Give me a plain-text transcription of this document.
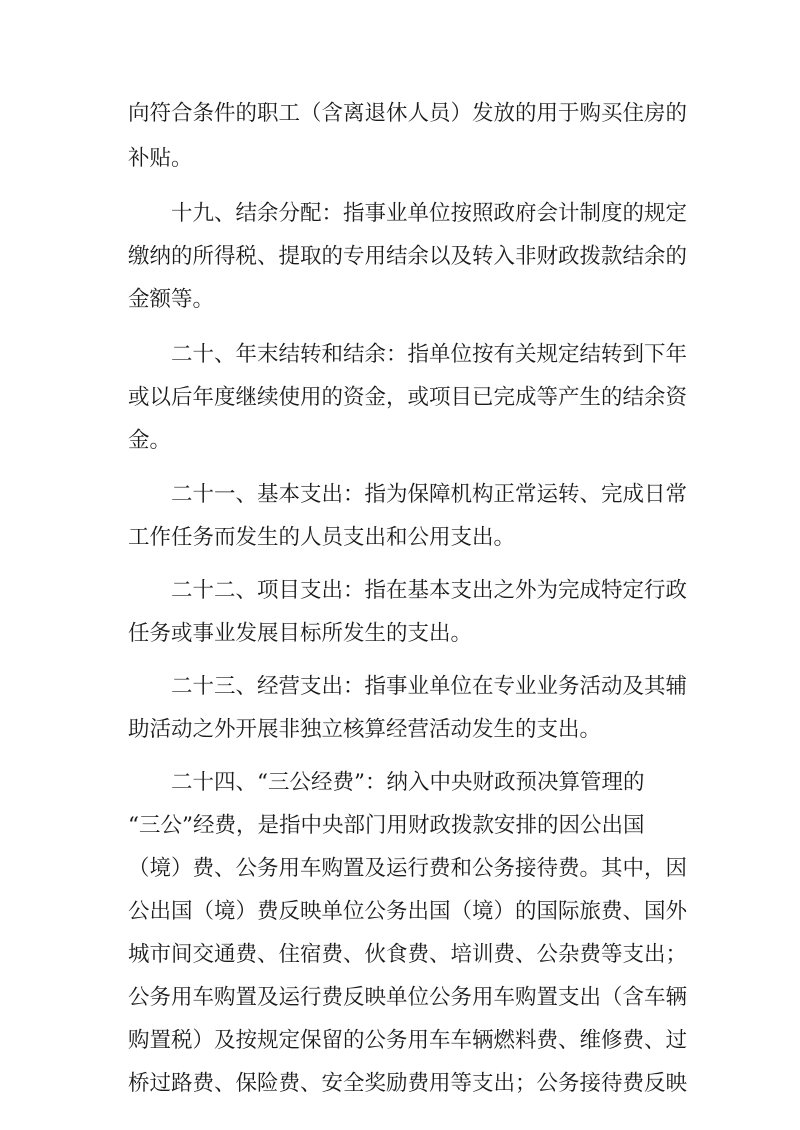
向符合条件的职工（含离退休人员）发放的用于购买住房的
补贴。
　　十九、结余分配：指事业单位按照政府会计制度的规定
缴纳的所得税、提取的专用结余以及转入非财政拨款结余的
金额等。
　　二十、年末结转和结余：指单位按有关规定结转到下年
或以后年度继续使用的资金，或项目已完成等产生的结余资
金。
　　二十一、基本支出：指为保障机构正常运转、完成日常
工作任务而发生的人员支出和公用支出。
　　二十二、项目支出：指在基本支出之外为完成特定行政
任务或事业发展目标所发生的支出。
　　二十三、经营支出：指事业单位在专业业务活动及其辅
助活动之外开展非独立核算经营活动发生的支出。
　　二十四、“三公经费”：纳入中央财政预决算管理的
“三公”经费，是指中央部门用财政拨款安排的因公出国
（境）费、公务用车购置及运行费和公务接待费。其中，因
公出国（境）费反映单位公务出国（境）的国际旅费、国外
城市间交通费、住宿费、伙食费、培训费、公杂费等支出；
公务用车购置及运行费反映单位公务用车购置支出（含车辆
购置税）及按规定保留的公务用车车辆燃料费、维修费、过
桥过路费、保险费、安全奖励费用等支出；公务接待费反映
